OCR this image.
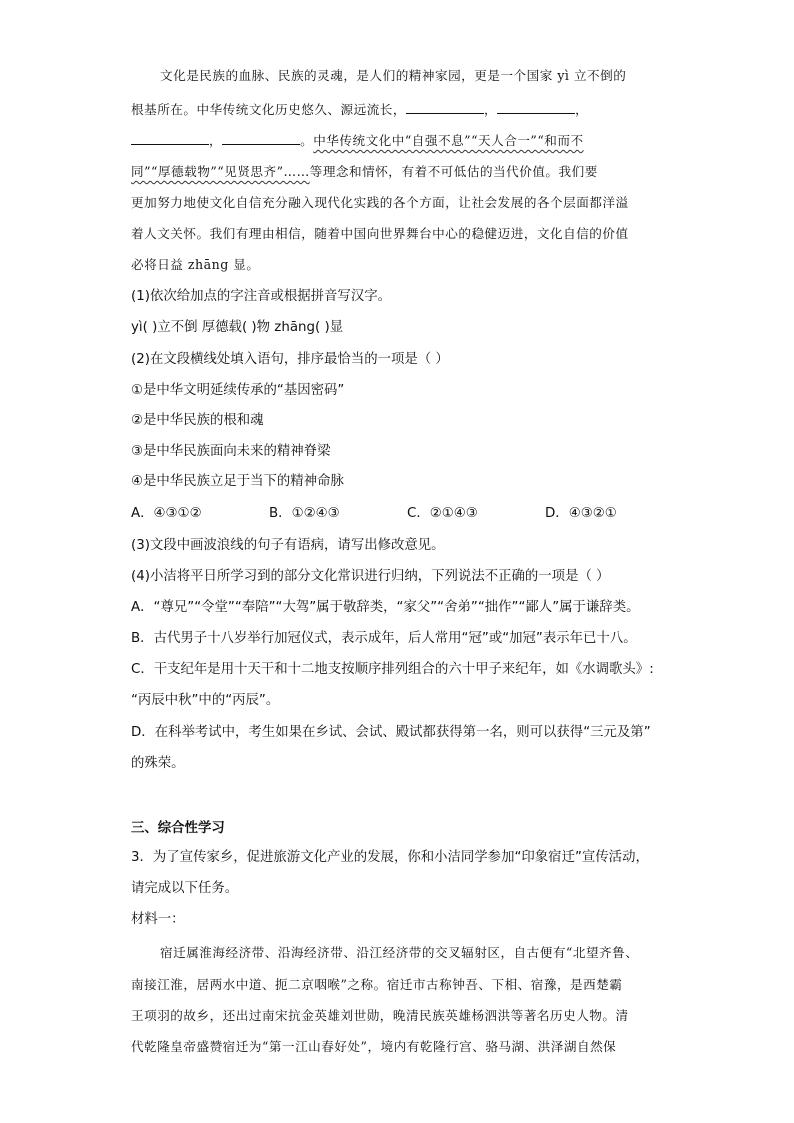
文化是民族的血脉、民族的灵魂，是人们的精神家园，更是一个国家 yì 立不倒的
根基所在。中华传统文化历史悠久、源远流长，	，	，
，	。中华传统文化中“自强不息”“天人合一”“和而不
同”“厚德载物”“见贤思齐”……等理念和情怀，有着不可低估的当代价值。我们要
更加努力地使文化自信充分融入现代化实践的各个方面，让社会发展的各个层面都洋溢
着人文关怀。我们有理由相信，随着中国向世界舞台中心的稳健迈进，文化自信的价值
必将日益 zhāng 显。
(1)依次给加点的字注音或根据拼音写汉字。
yì( )立不倒 厚德载( )物 zhāng( )显
(2)在文段横线处填入语句，排序最恰当的一项是（ ）
①是中华文明延续传承的“基因密码”
②是中华民族的根和魂
③是中华民族面向未来的精神脊梁
④是中华民族立足于当下的精神命脉
A．④③①②	B．①②④③	C．②①④③	D．④③②①
(3)文段中画波浪线的句子有语病，请写出修改意见。
(4)小洁将平日所学习到的部分文化常识进行归纳，下列说法不正确的一项是（ ）
A．“尊兄”“令堂”“奉陪”“大驾”属于敬辞类，“家父”“舍弟”“拙作”“鄙人”属于谦辞类。
B．古代男子十八岁举行加冠仪式，表示成年，后人常用“冠”或“加冠”表示年已十八。
C．干支纪年是用十天干和十二地支按顺序排列组合的六十甲子来纪年，如《水调歌头》:
“丙辰中秋”中的“丙辰”。
D．在科举考试中，考生如果在乡试、会试、殿试都获得第一名，则可以获得“三元及第”
的殊荣。
三、综合性学习
3．为了宣传家乡，促进旅游文化产业的发展，你和小洁同学参加“印象宿迁”宣传活动，
请完成以下任务。
材料一：
宿迁属淮海经济带、沿海经济带、沿江经济带的交叉辐射区，自古便有“北望齐鲁、
南接江淮，居两水中道、扼二京咽喉”之称。宿迁市古称钟吾、下相、宿豫，是西楚霸
王项羽的故乡，还出过南宋抗金英雄刘世勋，晚清民族英雄杨泗洪等著名历史人物。清
代乾隆皇帝盛赞宿迁为“第一江山春好处”，境内有乾隆行宫、骆马湖、洪泽湖自然保
